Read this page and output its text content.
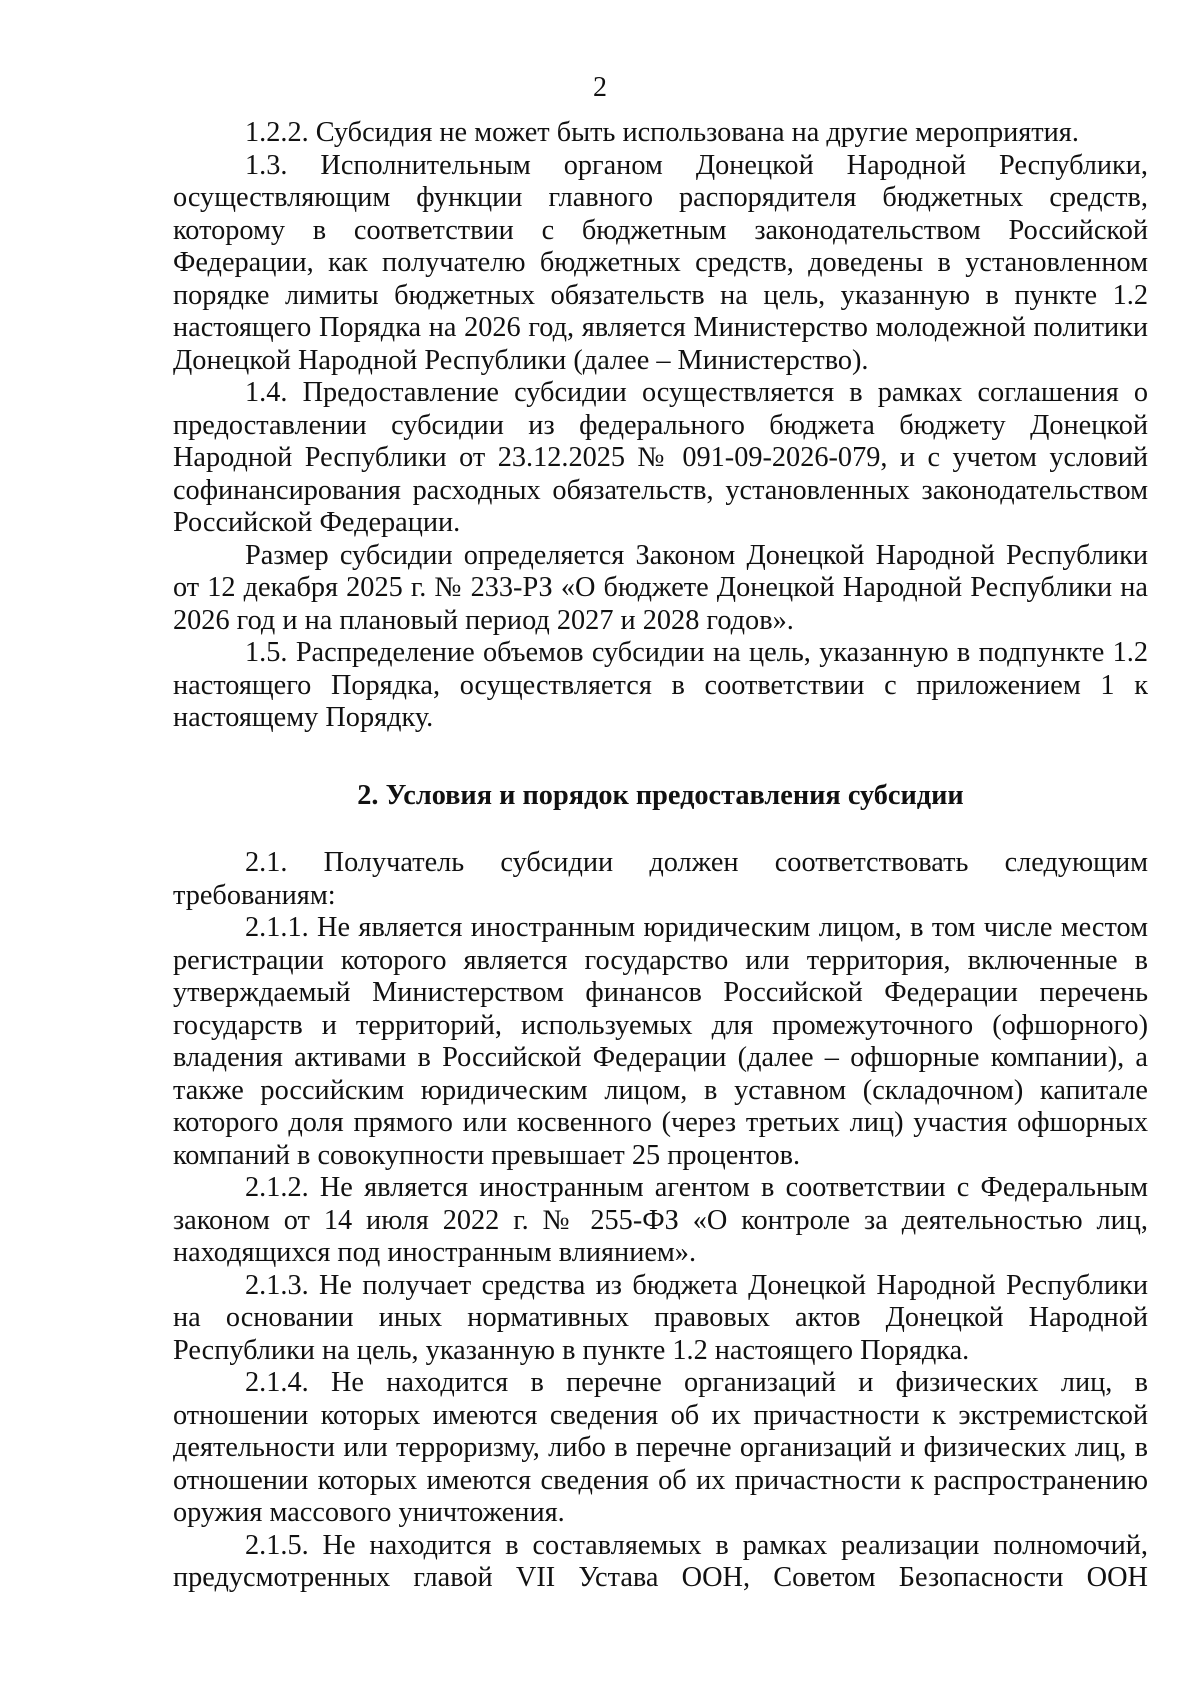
2

1.2.2. Субсидия не может быть использована на другие мероприятия.

1.3. Исполнительным органом Донецкой Народной Республики, осуществляющим функции главного распорядителя бюджетных средств, которому в соответствии с бюджетным законодательством Российской Федерации, как получателю бюджетных средств, доведены в установленном порядке лимиты бюджетных обязательств на цель, указанную в пункте 1.2 настоящего Порядка на 2026 год, является Министерство молодежной политики Донецкой Народной Республики (далее – Министерство).

1.4. Предоставление субсидии осуществляется в рамках соглашения о предоставлении субсидии из федерального бюджета бюджету Донецкой Народной Республики от 23.12.2025 № 091-09-2026-079, и с учетом условий софинансирования расходных обязательств, установленных законодательством Российской Федерации.

Размер субсидии определяется Законом Донецкой Народной Республики от 12 декабря 2025 г. № 233-РЗ «О бюджете Донецкой Народной Республики на 2026 год и на плановый период 2027 и 2028 годов».

1.5. Распределение объемов субсидии на цель, указанную в подпункте 1.2 настоящего Порядка, осуществляется в соответствии с приложением 1 к настоящему Порядку.

2. Условия и порядок предоставления субсидии

2.1. Получатель субсидии должен соответствовать следующим требованиям:

2.1.1. Не является иностранным юридическим лицом, в том числе местом регистрации которого является государство или территория, включенные в утверждаемый Министерством финансов Российской Федерации перечень государств и территорий, используемых для промежуточного (офшорного) владения активами в Российской Федерации (далее – офшорные компании), а также российским юридическим лицом, в уставном (складочном) капитале которого доля прямого или косвенного (через третьих лиц) участия офшорных компаний в совокупности превышает 25 процентов.

2.1.2. Не является иностранным агентом в соответствии с Федеральным законом от 14 июля 2022 г. № 255-ФЗ «О контроле за деятельностью лиц, находящихся под иностранным влиянием».

2.1.3. Не получает средства из бюджета Донецкой Народной Республики на основании иных нормативных правовых актов Донецкой Народной Республики на цель, указанную в пункте 1.2 настоящего Порядка.

2.1.4. Не находится в перечне организаций и физических лиц, в отношении которых имеются сведения об их причастности к экстремистской деятельности или терроризму, либо в перечне организаций и физических лиц, в отношении которых имеются сведения об их причастности к распространению оружия массового уничтожения.

2.1.5. Не находится в составляемых в рамках реализации полномочий, предусмотренных главой VII Устава ООН, Советом Безопасности ООН
